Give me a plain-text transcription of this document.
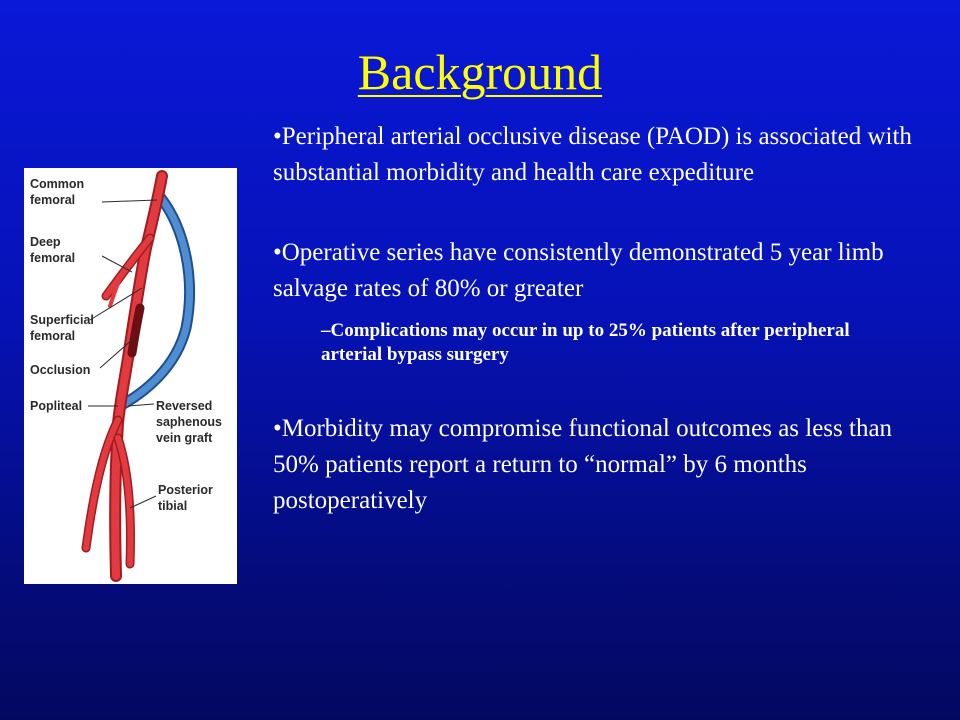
Background
Common
femoral
Deep
femoral
Superficial
femoral
Occlusion
Popliteal	Reversed
saphenous
vein graft
Posterior
tibial

•Peripheral arterial occlusive disease (PAOD) is associated with substantial morbidity and health care expediture

•Operative series have consistently demonstrated 5 year limb salvage rates of 80% or greater

–Complications may occur in up to 25% patients after peripheral arterial bypass surgery

•Morbidity may compromise functional outcomes as less than 50% patients report a return to “normal” by 6 months postoperatively
